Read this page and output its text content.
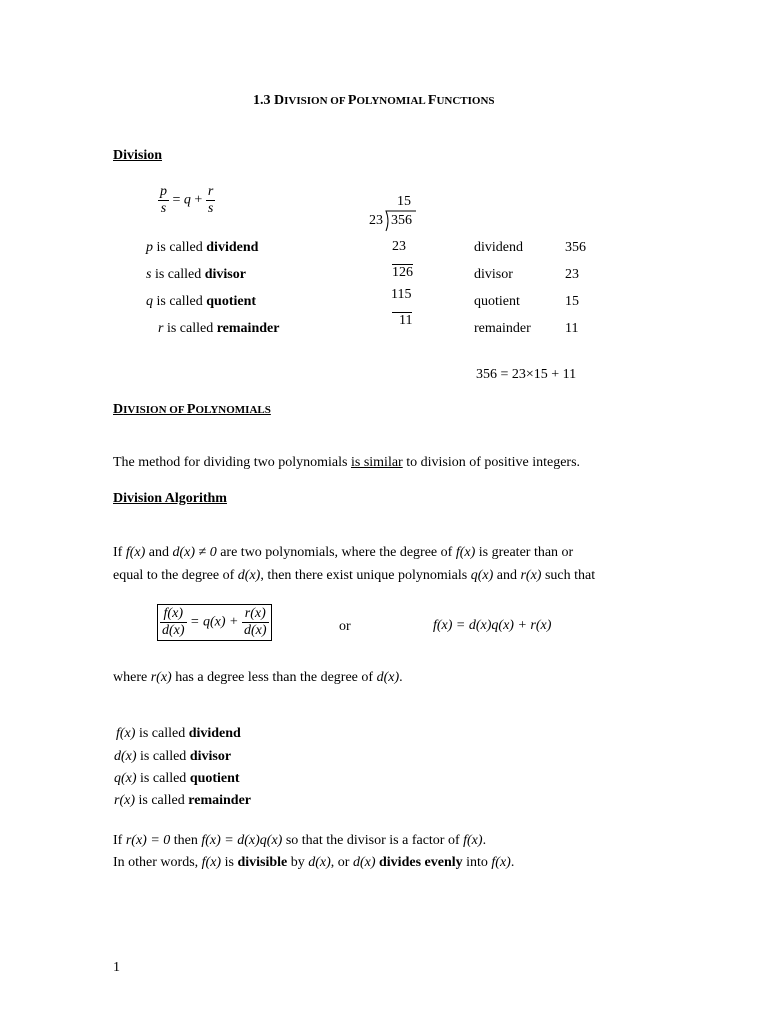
1.3 DIVISION OF POLYNOMIAL FUNCTIONS
Division
$\frac{p}{s} = q + \frac{r}{s}$
p is called dividend
s is called divisor
q is called quotient
r is called remainder
15
23 356
23
126
115
11
dividend	356
divisor	23
quotient	15
remainder 11
356 = 23×15 + 11
DIVISION OF POLYNOMIALS
The method for dividing two polynomials is similar to division of positive integers.
Division Algorithm
If f(x) and d(x) ≠ 0 are two polynomials, where the degree of f(x) is greater than or
equal to the degree of d(x), then there exist unique polynomials q(x) and r(x) such that
$\frac{f(x)}{d(x)} = q(x) + \frac{r(x)}{d(x)}$	or	f(x) = d(x)q(x) + r(x)
where r(x) has a degree less than the degree of d(x).
f(x) is called dividend
d(x) is called divisor
q(x) is called quotient
r(x) is called remainder
If r(x) = 0 then f(x) = d(x)q(x) so that the divisor is a factor of f(x).
In other words, f(x) is divisible by d(x), or d(x) divides evenly into f(x).
1
